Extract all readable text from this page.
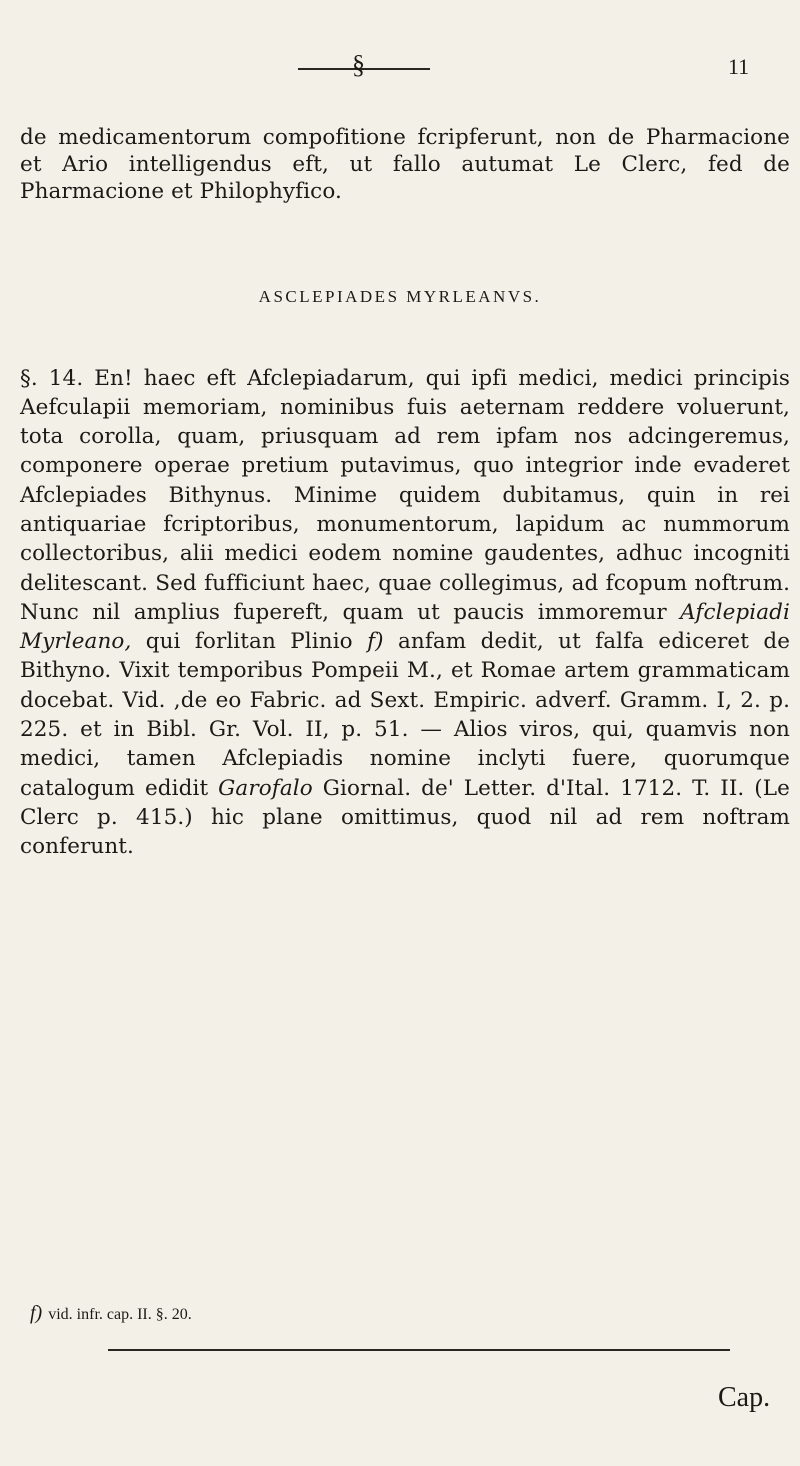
§	11

de medicamentorum compofitione fcripferunt, non de Pharmacione et Ario intelligendus eft, ut fallo autumat Le Clerc, fed de Pharmacione et Philophyfico.

ASCLEPIADES MYRLEANVS.

§. 14. En! haec eft Afclepiadarum, qui ipfi medici, medici principis Aefculapii memoriam, nominibus fuis aeternam reddere voluerunt, tota corolla, quam, priusquam ad rem ipfam nos adcingeremus, componere operae pretium putavimus, quo integrior inde evaderet Afclepiades Bithynus. Minime quidem dubitamus, quin in rei antiquariae fcriptoribus, monumentorum, lapidum ac nummorum collectoribus, alii medici eodem nomine gaudentes, adhuc incogniti delitescant. Sed fufficiunt haec, quae collegimus, ad fcopum noftrum. Nunc nil amplius fupereft, quam ut paucis immoremur Afclepiadi Myrleano, qui forlitan Plinio f) anfam dedit, ut falfa ediceret de Bithyno. Vixit temporibus Pompeii M., et Romae artem grammaticam docebat. Vid. ,de eo Fabric. ad Sext. Empiric. adverf. Gramm. I, 2. p. 225. et in Bibl. Gr. Vol. II, p. 51. — Alios viros, qui, quamvis non medici, tamen Afclepiadis nomine inclyti fuere, quorumque catalogum edidit Garofalo Giornal. de' Letter. d'Ital. 1712. T. II. (Le Clerc p. 415.) hic plane omittimus, quod nil ad rem noftram conferunt.

f) vid. infr. cap. II. §. 20.
Cap.
